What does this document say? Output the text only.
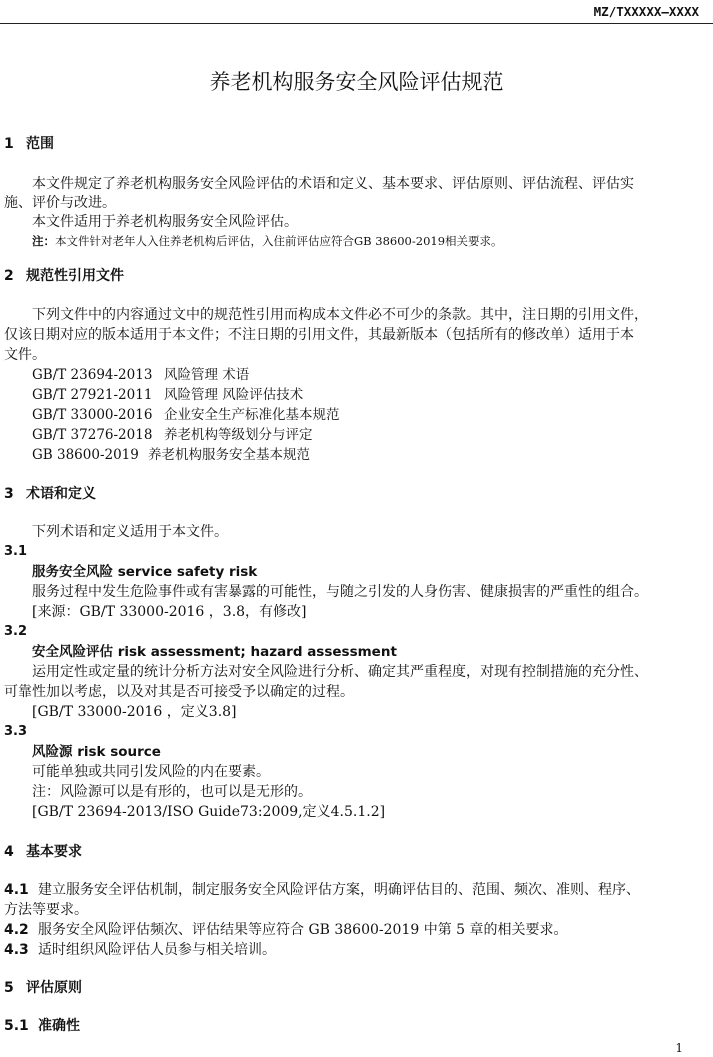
MZ/TXXXXX—XXXX
养老机构服务安全风险评估规范
1 范围
本文件规定了养老机构服务安全风险评估的术语和定义、基本要求、评估原则、评估流程、评估实
施、评价与改进。
本文件适用于养老机构服务安全风险评估。
注：本文件针对老年人入住养老机构后评估，入住前评估应符合GB 38600-2019相关要求。
2 规范性引用文件
下列文件中的内容通过文中的规范性引用而构成本文件必不可少的条款。其中，注日期的引用文件，
仅该日期对应的版本适用于本文件；不注日期的引用文件，其最新版本（包括所有的修改单）适用于本
文件。
GB/T 23694-2013 风险管理 术语
GB/T 27921-2011 风险管理 风险评估技术
GB/T 33000-2016 企业安全生产标准化基本规范
GB/T 37276-2018 养老机构等级划分与评定
GB 38600-2019 养老机构服务安全基本规范
3 术语和定义
下列术语和定义适用于本文件。
3.1
服务安全风险 service safety risk
服务过程中发生危险事件或有害暴露的可能性，与随之引发的人身伤害、健康损害的严重性的组合。
[来源：GB/T 33000-2016 ，3.8，有修改]
3.2
安全风险评估 risk assessment; hazard assessment
运用定性或定量的统计分析方法对安全风险进行分析、确定其严重程度，对现有控制措施的充分性、
可靠性加以考虑，以及对其是否可接受予以确定的过程。
[GB/T 33000-2016 ，定义3.8]
3.3
风险源 risk source
可能单独或共同引发风险的内在要素。
注：风险源可以是有形的，也可以是无形的。
[GB/T 23694-2013/ISO Guide73:2009,定义4.5.1.2]
4 基本要求
4.1 建立服务安全评估机制，制定服务安全风险评估方案，明确评估目的、范围、频次、准则、程序、
方法等要求。
4.2 服务安全风险评估频次、评估结果等应符合 GB 38600-2019 中第 5 章的相关要求。
4.3 适时组织风险评估人员参与相关培训。
5 评估原则
5.1 准确性
1
